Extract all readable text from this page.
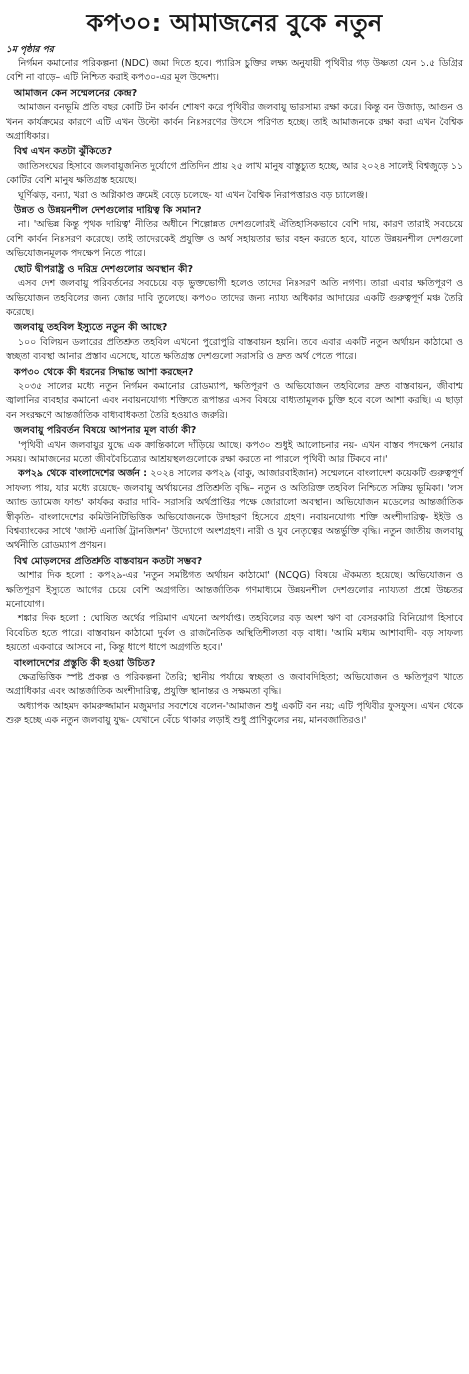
কপ৩০: আমাজনের বুকে নতুন

১ম পৃষ্ঠার পর

নির্গমন কমানোর পরিকল্পনা (NDC) জমা দিতে হবে। প্যারিস চুক্তির লক্ষ্য অনুযায়ী পৃথিবীর গড় উষ্ণতা যেন ১.৫ ডিগ্রির বেশি না বাড়ে– এটি নিশ্চিত করাই কপ৩০-এর মূল উদ্দেশ্য।

আমাজন কেন সম্মেলনের কেন্দ্র?

আমাজন বনভূমি প্রতি বছর কোটি টন কার্বন শোষণ করে পৃথিবীর জলবায়ু ভারসাম্য রক্ষা করে। কিন্তু বন উজাড়, আগুন ও খনন কার্যক্রমের কারণে এটি এখন উল্টো কার্বন নিঃসরণের উৎসে পরিণত হচ্ছে। তাই আমাজনকে রক্ষা করা এখন বৈশ্বিক অগ্রাধিকার।

বিশ্ব এখন কতটা ঝুঁকিতে?

জাতিসংঘের হিসাবে জলবায়ুজনিত দুর্যোগে প্রতিদিন প্রায় ২৫ লাখ মানুষ বাস্তুচ্যুত হচ্ছে, আর ২০২৪ সালেই বিশ্বজুড়ে ১১ কোটির বেশি মানুষ ক্ষতিগ্রস্ত হয়েছে।

ঘূর্ণিঝড়, বন্যা, খরা ও অগ্নিকাণ্ড ক্রমেই বেড়ে চলেছে- যা এখন বৈশ্বিক নিরাপত্তারও বড় চ্যালেঞ্জ।

উন্নত ও উন্নয়নশীল দেশগুলোর দায়িত্ব কি সমান?

না। 'অভিন্ন কিন্তু পৃথক দায়িত্ব' নীতির অধীনে শিল্পোন্নত দেশগুলোরই ঐতিহাসিকভাবে বেশি দায়, কারণ তারাই সবচেয়ে বেশি কার্বন নিঃসরণ করেছে। তাই তাদেরকেই প্রযুক্তি ও অর্থ সহায়তার ভার বহন করতে হবে, যাতে উন্নয়নশীল দেশগুলো অভিযোজনমূলক পদক্ষেপ নিতে পারে।

ছোট দ্বীপরাষ্ট্র ও দরিদ্র দেশগুলোর অবস্থান কী?

এসব দেশ জলবায়ু পরিবর্তনের সবচেয়ে বড় ভুক্তভোগী হলেও তাদের নিঃসরণ অতি নগণ্য। তারা এবার ক্ষতিপূরণ ও অভিযোজন তহবিলের জন্য জোর দাবি তুলেছে। কপ৩০ তাদের জন্য ন্যায্য অধিকার আদায়ের একটি গুরুত্বপূর্ণ মঞ্চ তৈরি করেছে।

জলবায়ু তহবিল ইস্যুতে নতুন কী আছে?

১০০ বিলিয়ন ডলারের প্রতিশ্রুত তহবিল এখনো পুরোপুরি বাস্তবায়ন হয়নি। তবে এবার একটি নতুন অর্থায়ন কাঠামো ও স্বচ্ছতা ব্যবস্থা আনার প্রস্তাব এসেছে, যাতে ক্ষতিগ্রস্ত দেশগুলো সরাসরি ও দ্রুত অর্থ পেতে পারে।

কপ৩০ থেকে কী ধরনের সিদ্ধান্ত আশা করছেন?

২০৩৫ সালের মধ্যে নতুন নির্গমন কমানোর রোডম্যাপ, ক্ষতিপূরণ ও অভিযোজন তহবিলের দ্রুত বাস্তবায়ন, জীবাশ্ম জ্বালানির ব্যবহার কমানো এবং নবায়নযোগ্য শক্তিতে রূপান্তর এসব বিষয়ে বাধ্যতামূলক চুক্তি হবে বলে আশা করছি। এ ছাড়া বন সংরক্ষণে আন্তর্জাতিক বাধ্যবাধকতা তৈরি হওয়াও জরুরি।

জলবায়ু পরিবর্তন বিষয়ে আপনার মূল বার্তা কী?

'পৃথিবী এখন জলবায়ুর যুদ্ধে এক ক্রান্তিকালে দাঁড়িয়ে আছে। কপ৩০ শুধুই আলোচনার নয়- এখন বাস্তব পদক্ষেপ নেয়ার সময়। আমাজনের মতো জীববৈচিত্র্যের আশ্রয়স্থলগুলোকে রক্ষা করতে না পারলে পৃথিবী আর টিকবে না।'

কপ২৯ থেকে বাংলাদেশের অর্জন : ২০২৪ সালের কপ২৯ (বাকু, আজারবাইজান) সম্মেলনে বাংলাদেশ কয়েকটি গুরুত্বপূর্ণ সাফল্য পায়, যার মধ্যে রয়েছে- জলবায়ু অর্থায়নের প্রতিশ্রুতি বৃদ্ধি– নতুন ও অতিরিক্ত তহবিল নিশ্চিতে সক্রিয় ভূমিকা। 'লস অ্যান্ড ড্যামেজ ফান্ড' কার্যকর করার দাবি- সরাসরি অর্থপ্রাপ্তির পক্ষে জোরালো অবস্থান। অভিযোজন মডেলের আন্তর্জাতিক স্বীকৃতি- বাংলাদেশের কমিউনিটিভিত্তিক অভিযোজনকে উদাহরণ হিসেবে গ্রহণ। নবায়নযোগ্য শক্তি অংশীদারিত্ব- ইইউ ও বিশ্বব্যাংকের সাথে 'জাস্ট এনার্জি ট্রানজিশন' উদ্যোগে অংশগ্রহণ। নারী ও যুব নেতৃত্বের অন্তর্ভুক্তি বৃদ্ধি। নতুন জাতীয় জলবায়ু অর্থনীতি রোডম্যাপ প্রণয়ন।

বিশ্ব মোড়লদের প্রতিশ্রুতি বাস্তবায়ন কতটা সম্ভব?

আশার দিক হলো : কপ২৯-এর 'নতুন সমষ্টিগত অর্থায়ন কাঠামো' (NCQG) বিষয়ে ঐকমত্য হয়েছে। অভিযোজন ও ক্ষতিপূরণ ইস্যুতে আগের চেয়ে বেশি অগ্রগতি। আন্তর্জাতিক গণমাধ্যমে উন্নয়নশীল দেশগুলোর ন্যায্যতা প্রশ্নে উচ্চতর মনোযোগ।

শঙ্কার দিক হলো : ঘোষিত অর্থের পরিমাণ এখনো অপর্যাপ্ত। তহবিলের বড় অংশ ঋণ বা বেসরকারি বিনিয়োগ হিসাবে বিবেচিত হতে পারে। বাস্তবায়ন কাঠামো দুর্বল ও রাজনৈতিক অস্থিতিশীলতা বড় বাধা। 'আমি মধ্যম আশাবাদী- বড় সাফল্য হয়তো একবারে আসবে না, কিন্তু ধাপে ধাপে অগ্রগতি হবে।'

বাংলাদেশের প্রস্তুতি কী হওয়া উচিত?

ক্ষেত্রভিত্তিক স্পষ্ট প্রকল্প ও পরিকল্পনা তৈরি; স্থানীয় পর্যায়ে স্বচ্ছতা ও জবাবদিহিতা; অভিযোজন ও ক্ষতিপূরণ খাতে অগ্রাধিকার এবং আন্তর্জাতিক অংশীদারিত্ব, প্রযুক্তি স্থানান্তর ও সক্ষমতা বৃদ্ধি।

অধ্যাপক আহমদ কামরুজ্জামান মজুমদার সবশেষে বলেন-'আমাজন শুধু একটি বন নয়; এটি পৃথিবীর ফুসফুস। এখন থেকে শুরু হচ্ছে এক নতুন জলবায়ু যুদ্ধ- যেখানে বেঁচে থাকার লড়াই শুধু প্রাণিকুলের নয়, মানবজাতিরও।'
